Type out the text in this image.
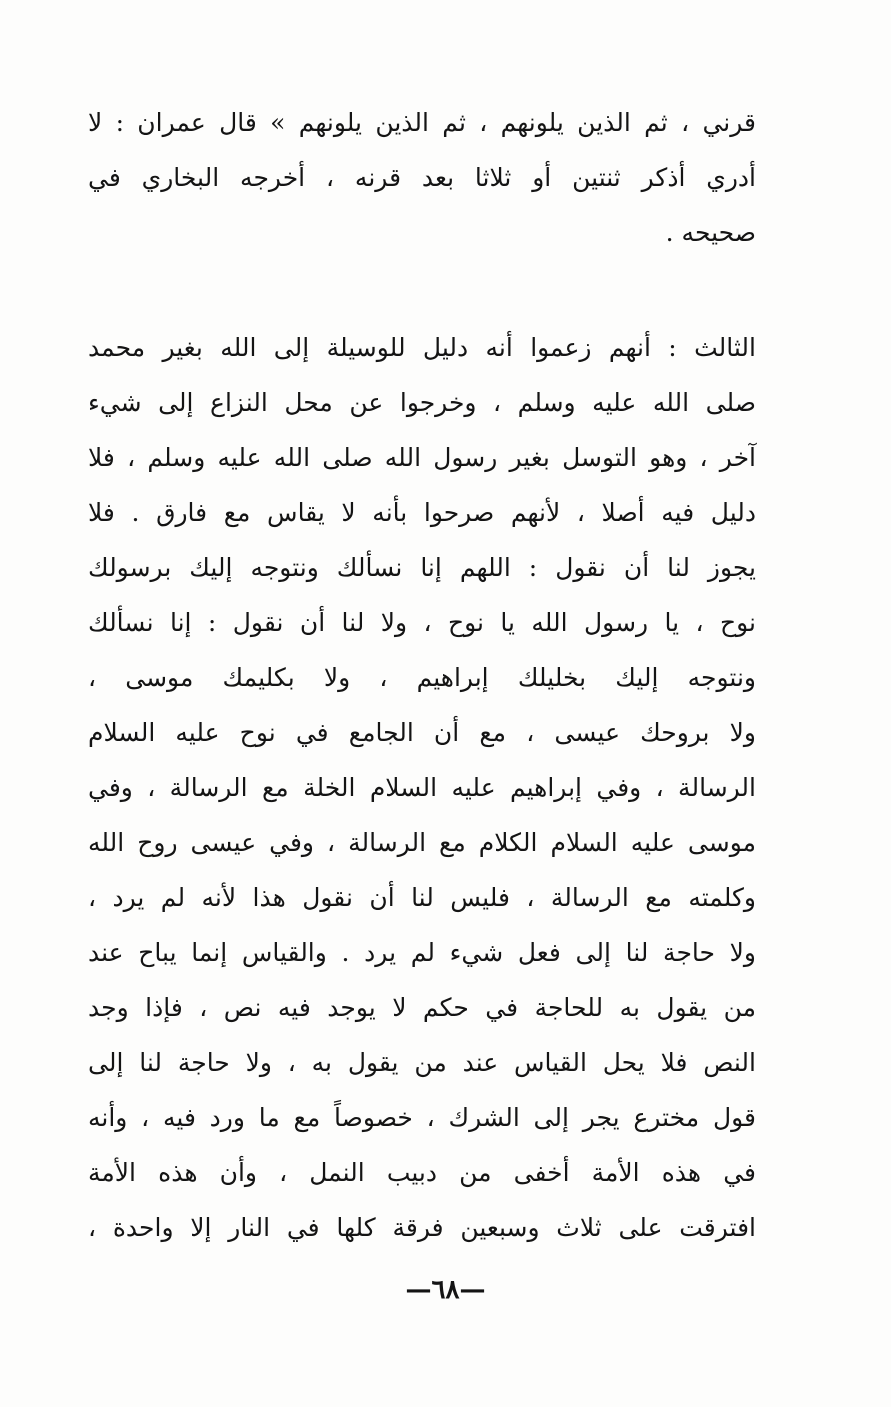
قرني ، ثم الذين يلونهم ، ثم الذين يلونهم » قال عمران : لا
أدري أذكر ثنتين أو ثلاثا بعد قرنه ، أخرجه البخاري في
صحيحه .
الثالث : أنهم زعموا أنه دليل للوسيلة إلى الله بغير محمد
صلى الله عليه وسلم ، وخرجوا عن محل النزاع إلى شيء
آخر ، وهو التوسل بغير رسول الله صلى الله عليه وسلم ، فلا
دليل فيه أصلا ، لأنهم صرحوا بأنه لا يقاس مع فارق . فلا
يجوز لنا أن نقول : اللهم إنا نسألك ونتوجه إليك برسولك
نوح ، يا رسول الله يا نوح ، ولا لنا أن نقول : إنا نسألك
ونتوجه إليك بخليلك إبراهيم ، ولا بكليمك موسى ،
ولا بروحك عيسى ، مع أن الجامع في نوح عليه السلام
الرسالة ، وفي إبراهيم عليه السلام الخلة مع الرسالة ، وفي
موسى عليه السلام الكلام مع الرسالة ، وفي عيسى روح الله
وكلمته مع الرسالة ، فليس لنا أن نقول هذا لأنه لم يرد ،
ولا حاجة لنا إلى فعل شيء لم يرد . والقياس إنما يباح عند
من يقول به للحاجة في حكم لا يوجد فيه نص ، فإذا وجد
النص فلا يحل القياس عند من يقول به ، ولا حاجة لنا إلى
قول مخترع يجر إلى الشرك ، خصوصاً مع ما ورد فيه ، وأنه
في هذه الأمة أخفى من دبيب النمل ، وأن هذه الأمة
افترقت على ثلاث وسبعين فرقة كلها في النار إلا واحدة ،
—٦٨—
